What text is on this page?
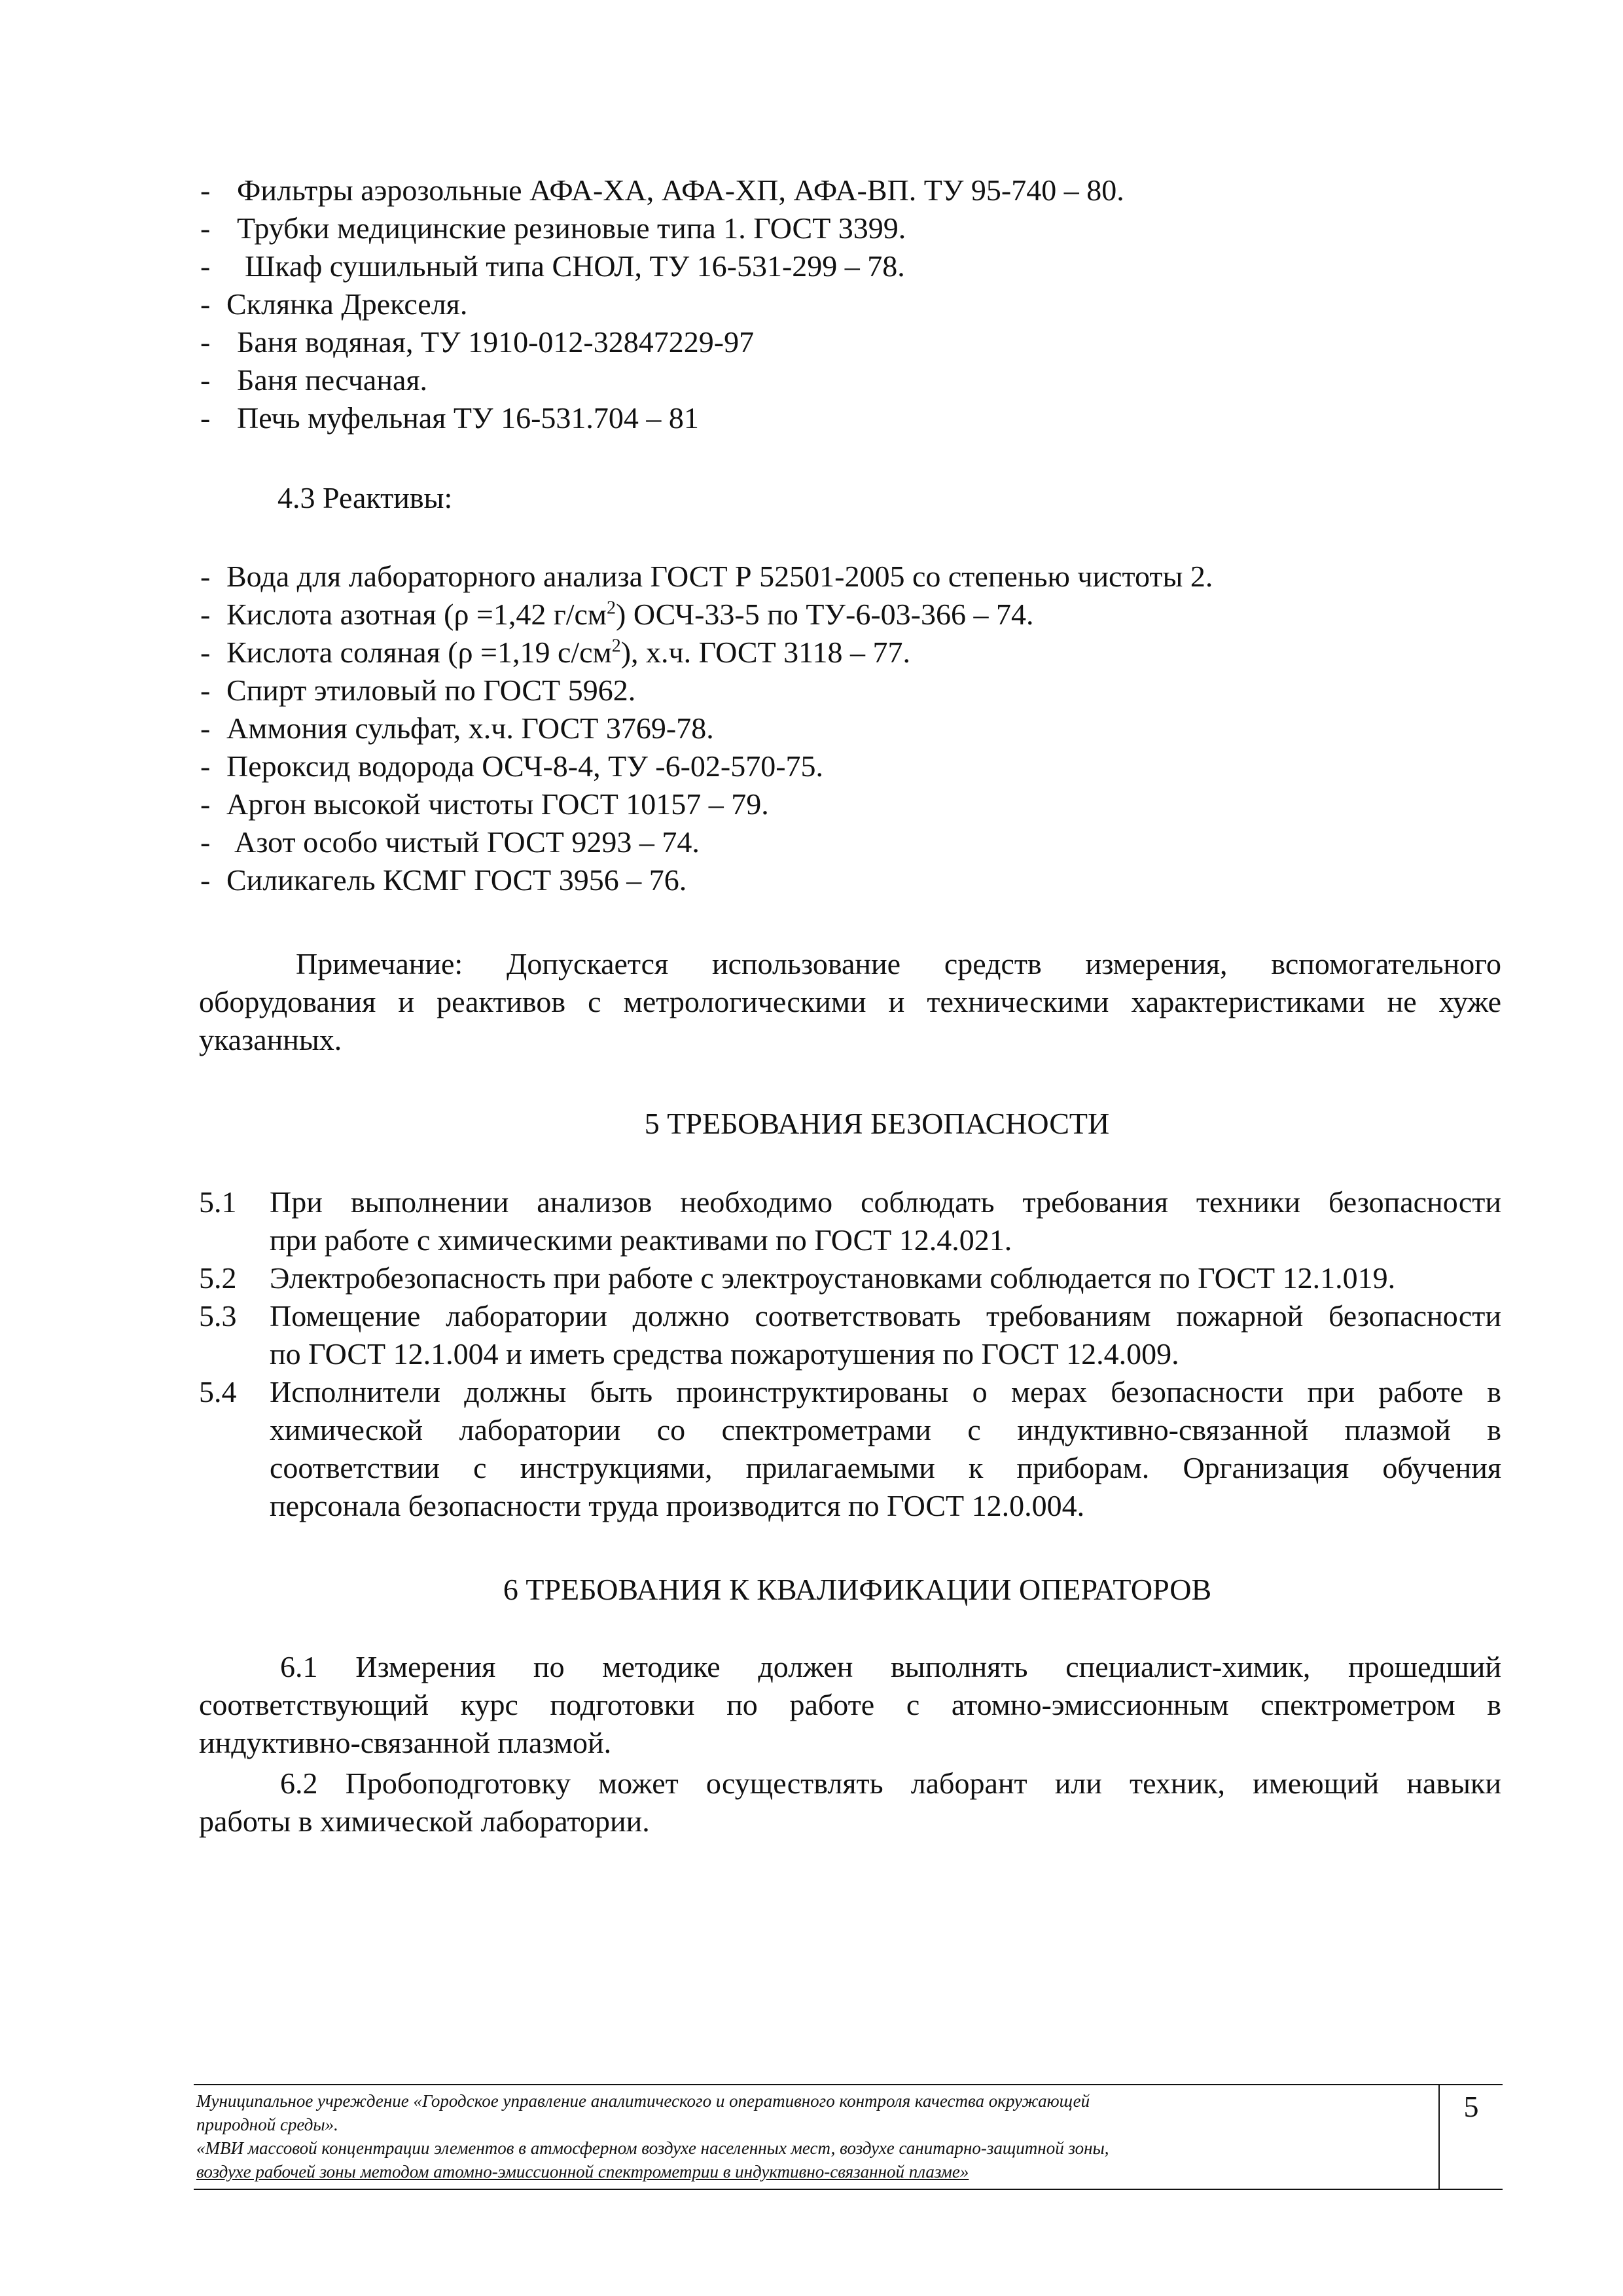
- Фильтры аэрозольные АФА-ХА, АФА-ХП, АФА-ВП. ТУ 95-740 – 80.
- Трубки медицинские резиновые типа 1. ГОСТ 3399.
- Шкаф сушильный типа СНОЛ, ТУ 16-531-299 – 78.
- Склянка Дрекселя.
- Баня водяная, ТУ 1910-012-32847229-97
- Баня песчаная.
- Печь муфельная ТУ 16-531.704 – 81
4.3 Реактивы:
- Вода для лабораторного анализа ГОСТ Р 52501-2005 со степенью чистоты 2.
- Кислота азотная (ρ =1,42 $г/см^2$) ОСЧ-33-5 по ТУ-6-03-366 – 74.
- Кислота соляная (ρ =1,19 $с/см^2$), х.ч. ГОСТ 3118 – 77.
- Спирт этиловый по ГОСТ 5962.
- Аммония сульфат, х.ч. ГОСТ 3769-78.
- Пероксид водорода ОСЧ-8-4, ТУ -6-02-570-75.
- Аргон высокой чистоты ГОСТ 10157 – 79.
- Азот особо чистый ГОСТ 9293 – 74.
- Силикагель КСМГ ГОСТ 3956 – 76.
Примечание: Допускается использование средств измерения, вспомогательного
оборудования и реактивов с метрологическими и техническими характеристиками не хуже
указанных.
5 ТРЕБОВАНИЯ БЕЗОПАСНОСТИ
5.1 При выполнении анализов необходимо соблюдать требования техники безопасности
при работе с химическими реактивами по ГОСТ 12.4.021.
5.2 Электробезопасность при работе с электроустановками соблюдается по ГОСТ 12.1.019.
5.3 Помещение лаборатории должно соответствовать требованиям пожарной безопасности
по ГОСТ 12.1.004 и иметь средства пожаротушения по ГОСТ 12.4.009.
5.4 Исполнители должны быть проинструктированы о мерах безопасности при работе в
химической лаборатории со спектрометрами с индуктивно-связанной плазмой в
соответствии с инструкциями, прилагаемыми к приборам. Организация обучения
персонала безопасности труда производится по ГОСТ 12.0.004.
6 ТРЕБОВАНИЯ К КВАЛИФИКАЦИИ ОПЕРАТОРОВ
6.1 Измерения по методике должен выполнять специалист-химик, прошедший
соответствующий курс подготовки по работе с атомно-эмиссионным спектрометром в
индуктивно-связанной плазмой.
6.2 Пробоподготовку может осуществлять лаборант или техник, имеющий навыки
работы в химической лаборатории.
Муниципальное учреждение «Городское управление аналитического и оперативного контроля качества окружающей
природной среды».
«МВИ массовой концентрации элементов в атмосферном воздухе населенных мест, воздухе санитарно-защитной зоны,
воздухе рабочей зоны методом атомно-эмиссионной спектрометрии в индуктивно-связанной плазме»
5
